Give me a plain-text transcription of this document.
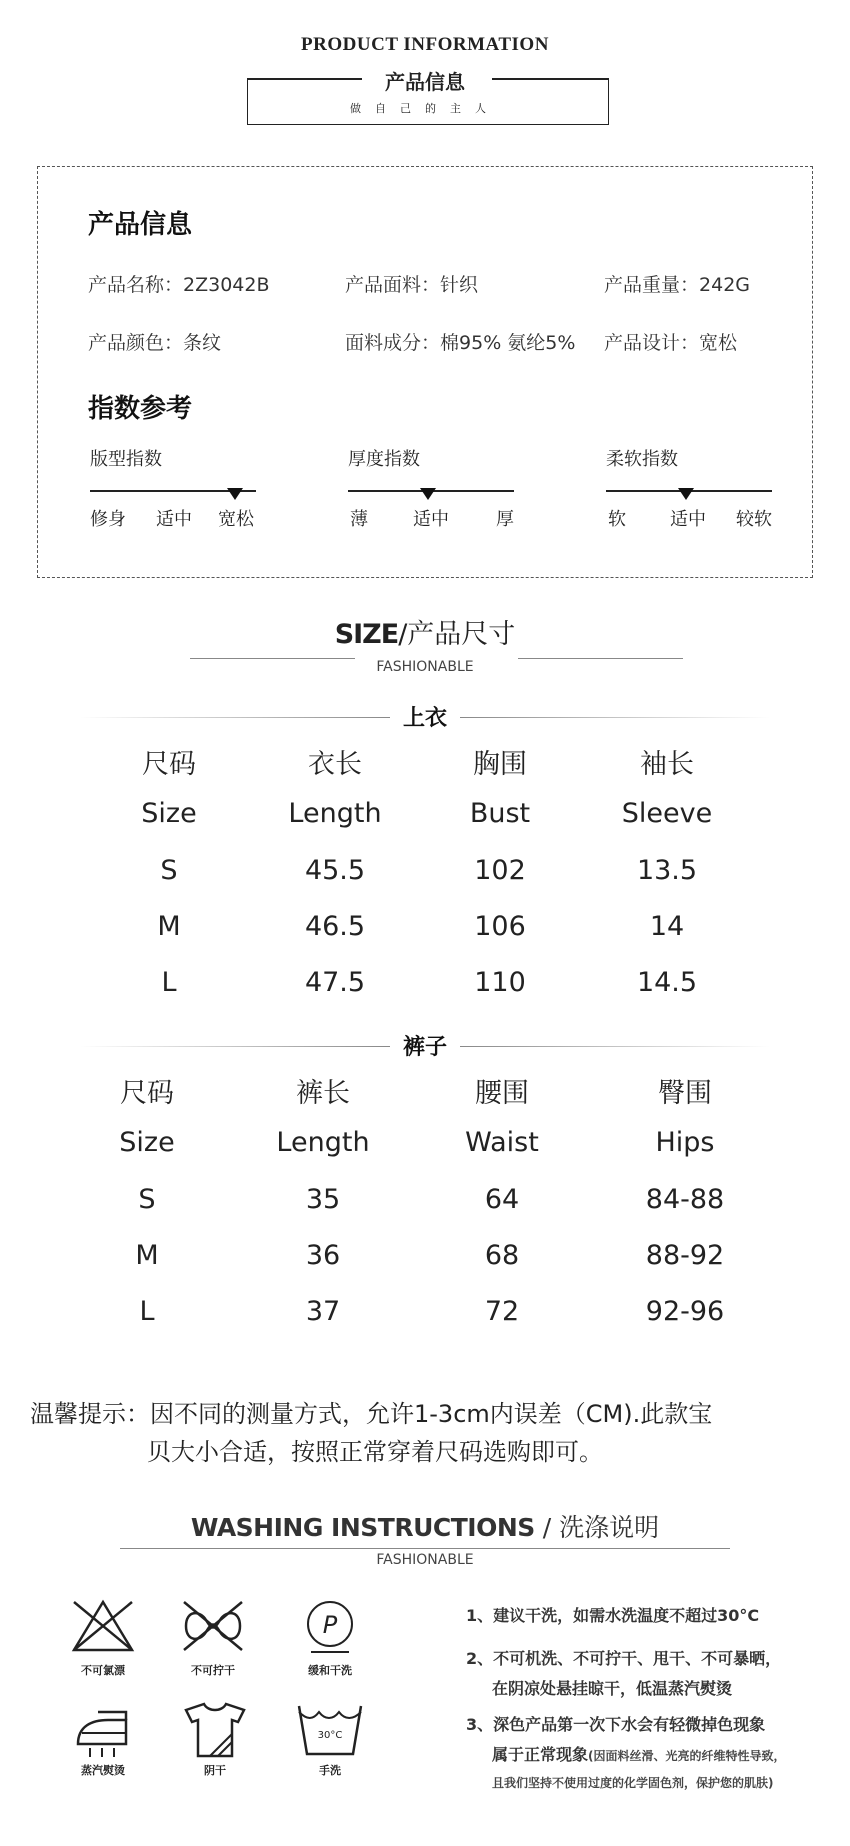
PRODUCT INFORMATION
产品信息
做自己的主人
产品信息
产品名称：2Z3042B	产品面料：针织	产品重量：242G
产品颜色：条纹	面料成分：棉95% 氨纶5% 产品设计：宽松
指数参考
版型指数
修身 适中 宽松
厚度指数
薄	适中	厚
柔软指数
软 适中 较软
SIZE/产品尺寸
FASHIONABLE
上衣
尺码	衣长	胸围	袖长
Size	Length	Bust	Sleeve
S	45.5	102	13.5
M	46.5	106	14
L	47.5	110	14.5
裤子
尺码	裤长	腰围	臀围
Size	Length	Waist	Hips
S	35	64	84-88
M	36	68	88-92
L	37	72	92-96
温馨提示：因不同的测量方式，允许1-3cm内误差（CM).此款宝
贝大小合适，按照正常穿着尺码选购即可。
WASHING INSTRUCTIONS / 洗涤说明
FASHIONABLE
不可氯漂	不可拧干
P
缓和干洗
蒸汽熨烫	阴干
30°C
手洗
1、建议干洗，如需水洗温度不超过30°C
2、不可机洗、不可拧干、甩干、不可暴晒，
在阴凉处悬挂晾干，低温蒸汽熨烫
3、深色产品第一次下水会有轻微掉色现象
属于正常现象(因面料丝滑、光亮的纤维特性导致，
且我们坚持不使用过度的化学固色剂，保护您的肌肤)
